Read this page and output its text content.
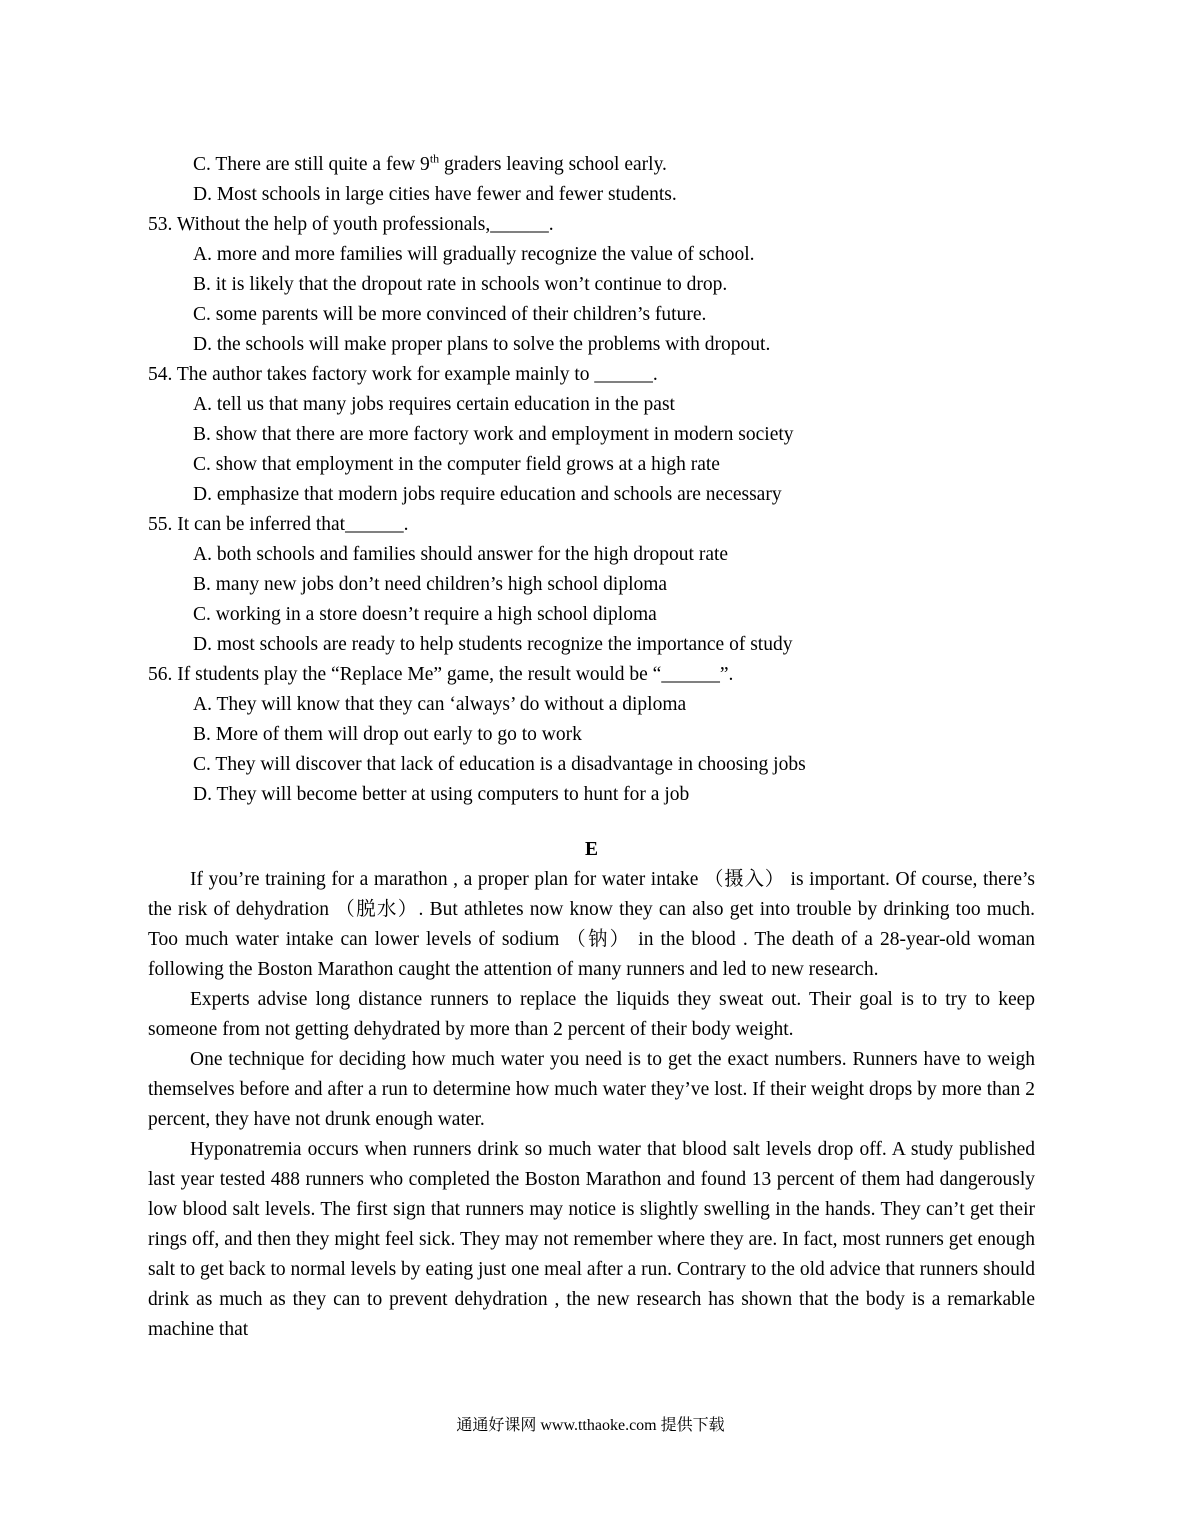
C. There are still quite a few 9th graders leaving school early.
D. Most schools in large cities have fewer and fewer students.
53. Without the help of youth professionals,______.
A. more and more families will gradually recognize the value of school.
B. it is likely that the dropout rate in schools won’t continue to drop.
C. some parents will be more convinced of their children’s future.
D. the schools will make proper plans to solve the problems with dropout.
54. The author takes factory work for example mainly to ______.
A. tell us that many jobs requires certain education in the past
B. show that there are more factory work and employment in modern society
C. show that employment in the computer field grows at a high rate
D. emphasize that modern jobs require education and schools are necessary
55. It can be inferred that______.
A. both schools and families should answer for the high dropout rate
B. many new jobs don’t need children’s high school diploma
C. working in a store doesn’t require a high school diploma
D. most schools are ready to help students recognize the importance of study
56. If students play the “Replace Me” game, the result would be “______”.
A. They will know that they can ‘always’ do without a diploma
B. More of them will drop out early to go to work
C. They will discover that lack of education is a disadvantage in choosing jobs
D. They will become better at using computers to hunt for a job
E

If you’re training for a marathon , a proper plan for water intake （摄入） is important. Of course, there’s the risk of dehydration （脱水）. But athletes now know they can also get into trouble by drinking too much. Too much water intake can lower levels of sodium （钠） in the blood . The death of a 28-year-old woman following the Boston Marathon caught the attention of many runners and led to new research.

Experts advise long distance runners to replace the liquids they sweat out. Their goal is to try to keep someone from not getting dehydrated by more than 2 percent of their body weight.

One technique for deciding how much water you need is to get the exact numbers. Runners have to weigh themselves before and after a run to determine how much water they’ve lost. If their weight drops by more than 2 percent, they have not drunk enough water.

Hyponatremia occurs when runners drink so much water that blood salt levels drop off. A study published last year tested 488 runners who completed the Boston Marathon and found 13 percent of them had dangerously low blood salt levels. The first sign that runners may notice is slightly swelling in the hands. They can’t get their rings off, and then they might feel sick. They may not remember where they are. In fact, most runners get enough salt to get back to normal levels by eating just one meal after a run. Contrary to the old advice that runners should drink as much as they can to prevent dehydration , the new research has shown that the body is a remarkable machine that

通通好课网 www.tthaoke.com 提供下载
